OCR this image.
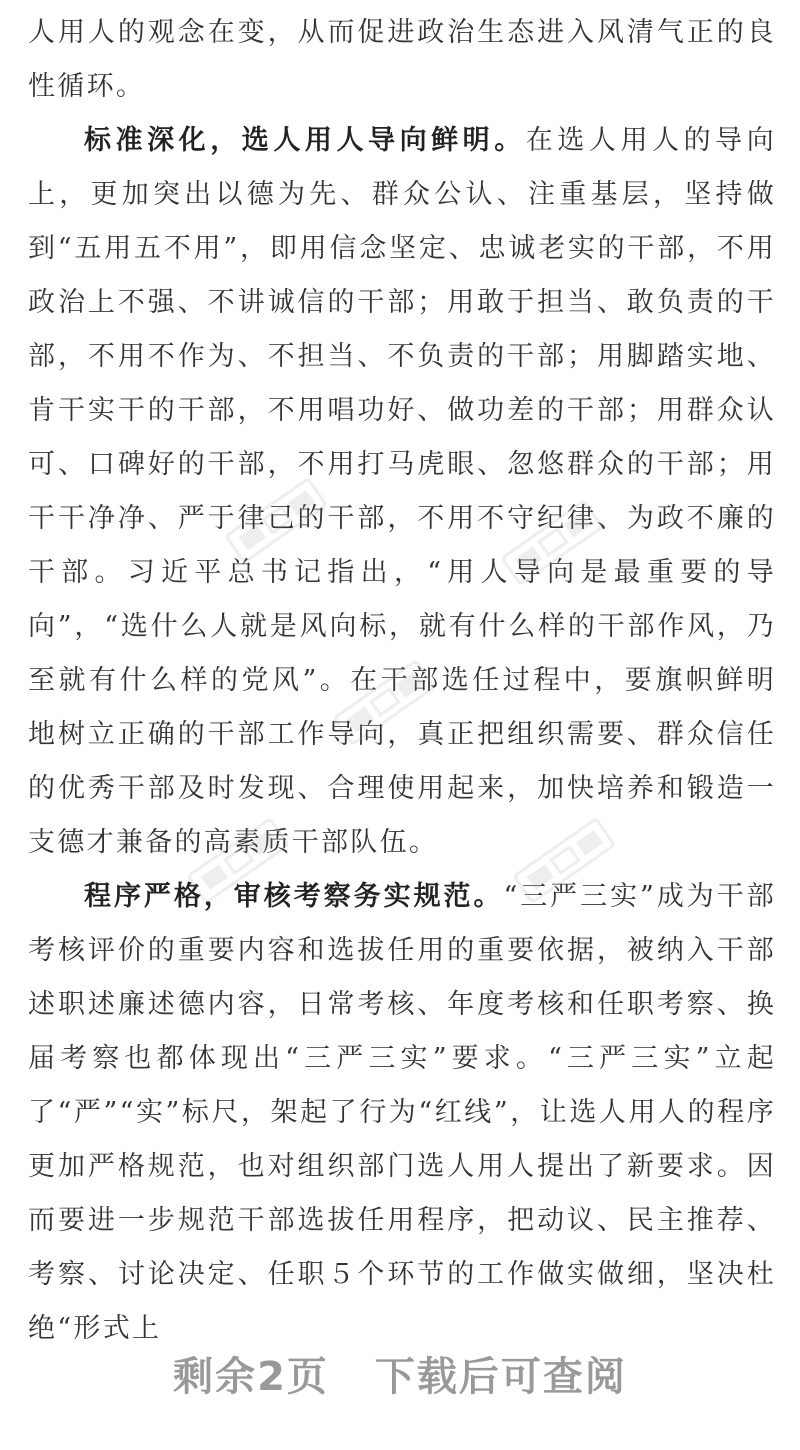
人用人的观念在变，从而促进政治生态进入风清气正的良性循环。

标准深化，选人用人导向鲜明。在选人用人的导向上，更加突出以德为先、群众公认、注重基层，坚持做到“五用五不用”，即用信念坚定、忠诚老实的干部，不用政治上不强、不讲诚信的干部；用敢于担当、敢负责的干部，不用不作为、不担当、不负责的干部；用脚踏实地、肯干实干的干部，不用唱功好、做功差的干部；用群众认可、口碑好的干部，不用打马虎眼、忽悠群众的干部；用干干净净、严于律己的干部，不用不守纪律、为政不廉的干部。习近平总书记指出，“用人导向是最重要的导向”，“选什么人就是风向标，就有什么样的干部作风，乃至就有什么样的党风”。在干部选任过程中，要旗帜鲜明地树立正确的干部工作导向，真正把组织需要、群众信任的优秀干部及时发现、合理使用起来，加快培养和锻造一支德才兼备的高素质干部队伍。

程序严格，审核考察务实规范。“三严三实”成为干部考核评价的重要内容和选拔任用的重要依据，被纳入干部述职述廉述德内容，日常考核、年度考核和任职考察、换届考察也都体现出“三严三实”要求。“三严三实”立起了“严”“实”标尺，架起了行为“红线”，让选人用人的程序更加严格规范，也对组织部门选人用人提出了新要求。因而要进一步规范干部选拔任用程序，把动议、民主推荐、考察、讨论决定、任职５个环节的工作做实做细，坚决杜绝“形式上

剩余2页 下载后可查阅
